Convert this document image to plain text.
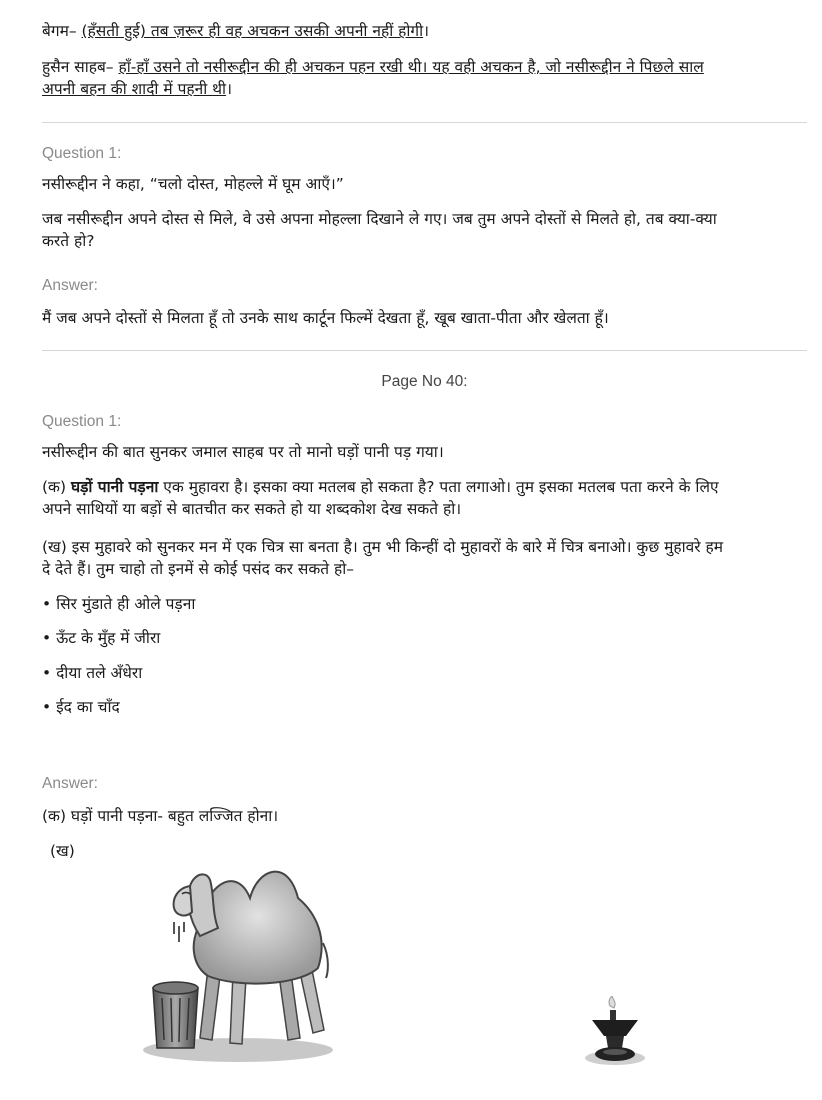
बेगम– (हँसती हुई) तब ज़रूर ही वह अचकन उसकी अपनी नहीं होगी।

हुसैन साहब– हाँ-हाँ उसने तो नसीरूद्दीन की ही अचकन पहन रखी थी। यह वही अचकन है, जो नसीरूद्दीन ने पिछले साल
अपनी बहन की शादी में पहनी थी।

Question 1:

नसीरूद्दीन ने कहा, “चलो दोस्त, मोहल्ले में घूम आएँ।”

जब नसीरूद्दीन अपने दोस्त से मिले, वे उसे अपना मोहल्ला दिखाने ले गए। जब तुम अपने दोस्तों से मिलते हो, तब क्या-क्या
करते हो?

Answer:

मैं जब अपने दोस्तों से मिलता हूँ तो उनके साथ कार्टून फिल्में देखता हूँ, खूब खाता-पीता और खेलता हूँ।

Page No 40:

Question 1:

नसीरूद्दीन की बात सुनकर जमाल साहब पर तो मानो घड़ों पानी पड़ गया।

(क) घड़ों पानी पड़ना एक मुहावरा है। इसका क्या मतलब हो सकता है? पता लगाओ। तुम इसका मतलब पता करने के लिए
अपने साथियों या बड़ों से बातचीत कर सकते हो या शब्दकोश देख सकते हो।

(ख) इस मुहावरे को सुनकर मन में एक चित्र सा बनता है। तुम भी किन्हीं दो मुहावरों के बारे में चित्र बनाओ। कुछ मुहावरे हम
दे देते हैं। तुम चाहो तो इनमें से कोई पसंद कर सकते हो–

• सिर मुंडाते ही ओले पड़ना

• ऊँट के मुँह में जीरा

• दीया तले अँधेरा

• ईद का चाँद

Answer:

(क) घड़ों पानी पड़ना- बहुत लज्जित होना।

(ख)
